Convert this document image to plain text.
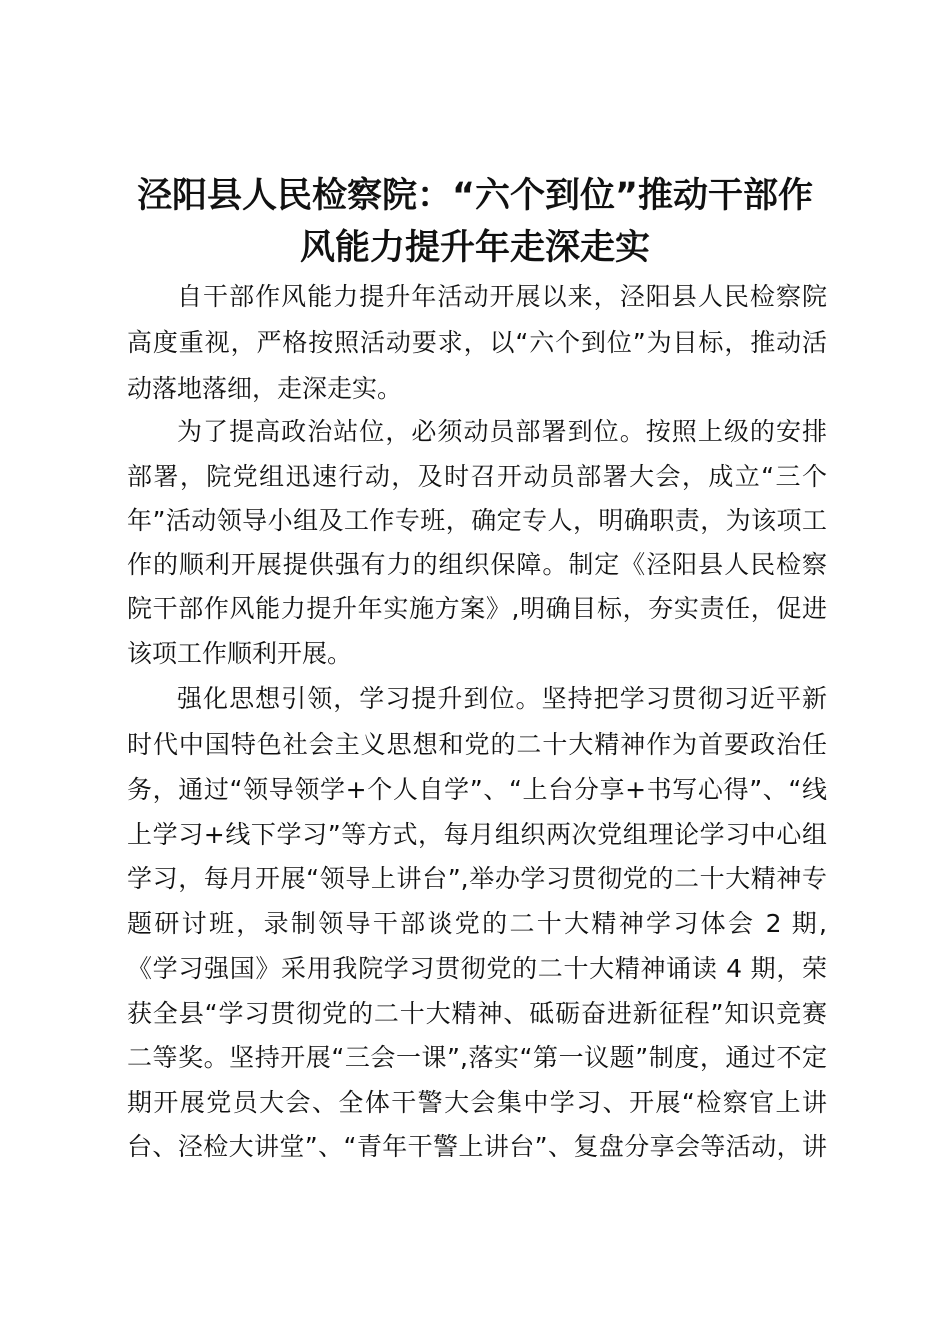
泾阳县人民检察院：“六个到位”推动干部作
风能力提升年走深走实

自干部作风能力提升年活动开展以来，泾阳县人民检察院

高度重视，严格按照活动要求，以“六个到位”为目标，推动活

动落地落细，走深走实。

为了提高政治站位，必须动员部署到位。按照上级的安排

部署，院党组迅速行动，及时召开动员部署大会，成立“三个

年”活动领导小组及工作专班，确定专人，明确职责，为该项工

作的顺利开展提供强有力的组织保障。制定《泾阳县人民检察

院干部作风能力提升年实施方案》,明确目标，夯实责任，促进

该项工作顺利开展。

强化思想引领，学习提升到位。坚持把学习贯彻习近平新

时代中国特色社会主义思想和党的二十大精神作为首要政治任

务，通过“领导领学+个人自学”、“上台分享+书写心得”、“线

上学习+线下学习”等方式，每月组织两次党组理论学习中心组

学习，每月开展“领导上讲台”,举办学习贯彻党的二十大精神专

题研讨班，录制领导干部谈党的二十大精神学习体会 2 期,

《学习强国》采用我院学习贯彻党的二十大精神诵读 4 期，荣

获全县“学习贯彻党的二十大精神、砥砺奋进新征程”知识竞赛

二等奖。坚持开展“三会一课”,落实“第一议题”制度，通过不定

期开展党员大会、全体干警大会集中学习、开展“检察官上讲

台、泾检大讲堂”、“青年干警上讲台”、复盘分享会等活动，讲
